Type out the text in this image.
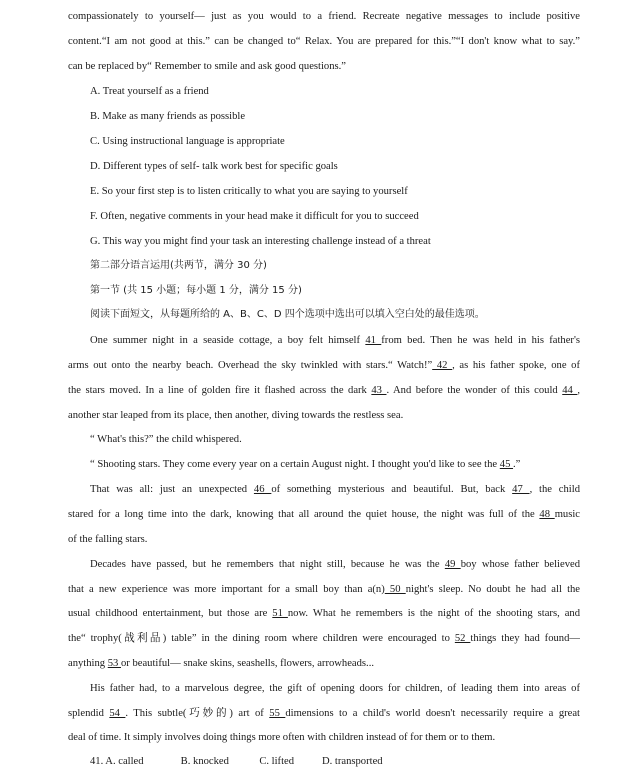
compassionately to yourself— just as you would to a friend. Recreate negative messages to include positive
content.“I am not good at this.” can be changed to“ Relax. You are prepared for this.”“I don't know what to say.”
can be replaced by“ Remember to smile and ask good questions.”
A. Treat yourself as a friend
B. Make as many friends as possible
C. Using instructional language is appropriate
D. Different types of self- talk work best for specific goals
E. So your first step is to listen critically to what you are saying to yourself
F. Often, negative comments in your head make it difficult for you to succeed
G. This way you might find your task an interesting challenge instead of a threat
第二部分语言运用(共两节，满分 30 分)
第一节 (共 15 小题；每小题 1 分，满分 15 分)
阅读下面短文，从每题所给的 A、B、C、D 四个选项中选出可以填入空白处的最佳选项。
One summer night in a seaside cottage, a boy felt himself 41 from bed. Then he was held in his father's
arms out onto the nearby beach. Overhead the sky twinkled with stars.“ Watch!” 42 , as his father spoke, one of
the stars moved. In a line of golden fire it flashed across the dark 43 . And before the wonder of this could 44 ,
another star leaped from its place, then another, diving towards the restless sea.
“ What's this?” the child whispered.
“ Shooting stars. They come every year on a certain August night. I thought you'd like to see the 45 .”
That was all: just an unexpected 46 of something mysterious and beautiful. But, back 47 , the child
stared for a long time into the dark, knowing that all around the quiet house, the night was full of the 48 music
of the falling stars.
Decades have passed, but he remembers that night still, because he was the 49 boy whose father believed
that a new experience was more important for a small boy than a(n) 50 night's sleep. No doubt he had all the
usual childhood entertainment, but those are 51 now. What he remembers is the night of the shooting stars, and
the“ trophy(战利品) table” in the dining room where children were encouraged to 52 things they had found—
anything 53 or beautiful— snake skins, seashells, flowers, arrowheads...
His father had, to a marvelous degree, the gift of opening doors for children, of leading them into areas of
splendid 54 . This subtle(巧妙的) art of 55 dimensions to a child's world doesn't necessarily require a great
deal of time. It simply involves doing things more often with children instead of for them or to them.
41. A. called	B. knocked	C. lifted	D. transported
